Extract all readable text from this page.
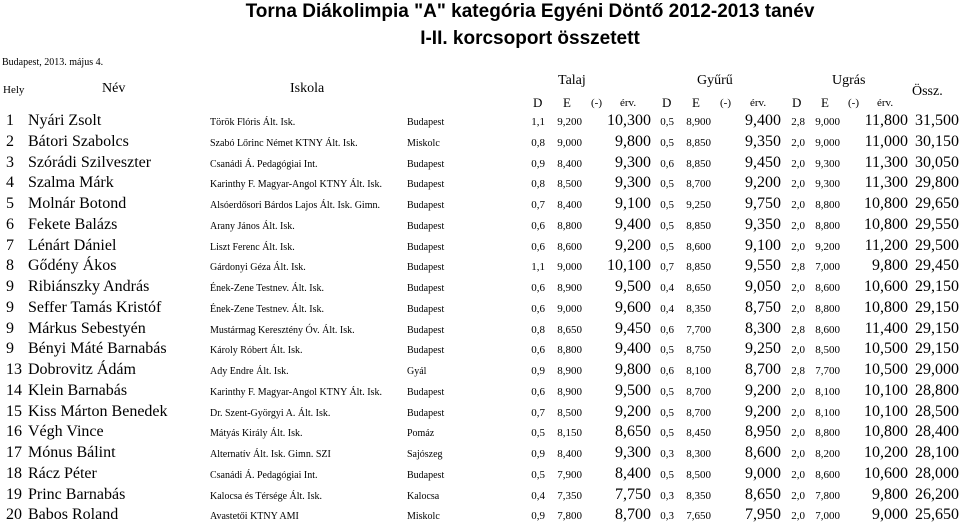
Torna Diákolimpia "A" kategória Egyéni Döntő 2012-2013 tanév
I-II. korcsoport összetett
Budapest, 2013. május 4.
Hely	Név	Iskola
Talaj	Gyűrű	Ugrás
Össz.
D E (-) érv. D E (-) érv. D E (-) érv.
1 Nyári Zsolt	Török Flóris Ált. Isk.	Budapest	1,1 9,200 10,300 0,5 8,900 9,400 2,8 9,000 11,800 31,500
2 Bátori Szabolcs	Szabó Lőrinc Német KTNY Ált. Isk.	Miskolc	0,8 9,000 9,800 0,5 8,850 9,350 2,0 9,000 11,000 30,150
3 Szórádi Szilveszter	Csanádi Á. Pedagógiai Int.	Budapest	0,9 8,400 9,300 0,6 8,850 9,450 2,0 9,300 11,300 30,050
4 Szalma Márk	Karinthy F. Magyar-Angol KTNY Ált. Isk.	Budapest	0,8 8,500 9,300 0,5 8,700 9,200 2,0 9,300 11,300 29,800
5 Molnár Botond	Alsóerdősori Bárdos Lajos Ált. Isk. Gimn.	Budapest	0,7 8,400 9,100 0,5 9,250 9,750 2,0 8,800 10,800 29,650
6 Fekete Balázs	Arany János Ált. Isk.	Budapest	0,6 8,800 9,400 0,5 8,850 9,350 2,0 8,800 10,800 29,550
7 Lénárt Dániel	Liszt Ferenc Ált. Isk.	Budapest	0,6 8,600 9,200 0,5 8,600 9,100 2,0 9,200 11,200 29,500
8 Gődény Ákos	Gárdonyi Géza Ált. Isk.	Budapest	1,1 9,000 10,100 0,7 8,850 9,550 2,8 7,000 9,800 29,450
9 Ribiánszky András	Ének-Zene Testnev. Ált. Isk.	Budapest	0,6 8,900 9,500 0,4 8,650 9,050 2,0 8,600 10,600 29,150
9 Seffer Tamás Kristóf	Ének-Zene Testnev. Ált. Isk.	Budapest	0,6 9,000 9,600 0,4 8,350 8,750 2,0 8,800 10,800 29,150
9 Márkus Sebestyén	Mustármag Keresztény Óv. Ált. Isk.	Budapest	0,8 8,650 9,450 0,6 7,700 8,300 2,8 8,600 11,400 29,150
9 Bényi Máté Barnabás	Károly Róbert Ált. Isk.	Budapest	0,6 8,800 9,400 0,5 8,750 9,250 2,0 8,500 10,500 29,150
13 Dobrovitz Ádám	Ady Endre Ált. Isk.	Gyál	0,9 8,900 9,800 0,6 8,100 8,700 2,8 7,700 10,500 29,000
14 Klein Barnabás	Karinthy F. Magyar-Angol KTNY Ált. Isk.	Budapest	0,6 8,900 9,500 0,5 8,700 9,200 2,0 8,100 10,100 28,800
15 Kiss Márton Benedek	Dr. Szent-Györgyi A. Ált. Isk.	Budapest	0,7 8,500 9,200 0,5 8,700 9,200 2,0 8,100 10,100 28,500
16 Végh Vince	Mátyás Király Ált. Isk.	Pomáz	0,5 8,150 8,650 0,5 8,450 8,950 2,0 8,800 10,800 28,400
17 Mónus Bálint	Alternatív Ált. Isk. Gimn. SZI	Sajószeg	0,9 8,400 9,300 0,3 8,300 8,600 2,0 8,200 10,200 28,100
18 Rácz Péter	Csanádi Á. Pedagógiai Int.	Budapest	0,5 7,900 8,400 0,5 8,500 9,000 2,0 8,600 10,600 28,000
19 Princ Barnabás	Kalocsa és Térsége Ált. Isk.	Kalocsa	0,4 7,350 7,750 0,3 8,350 8,650 2,0 7,800 9,800 26,200
20 Babos Roland	Avastetői KTNY AMI	Miskolc	0,9 7,800 8,700 0,3 7,650 7,950 2,0 7,000 9,000 25,650
